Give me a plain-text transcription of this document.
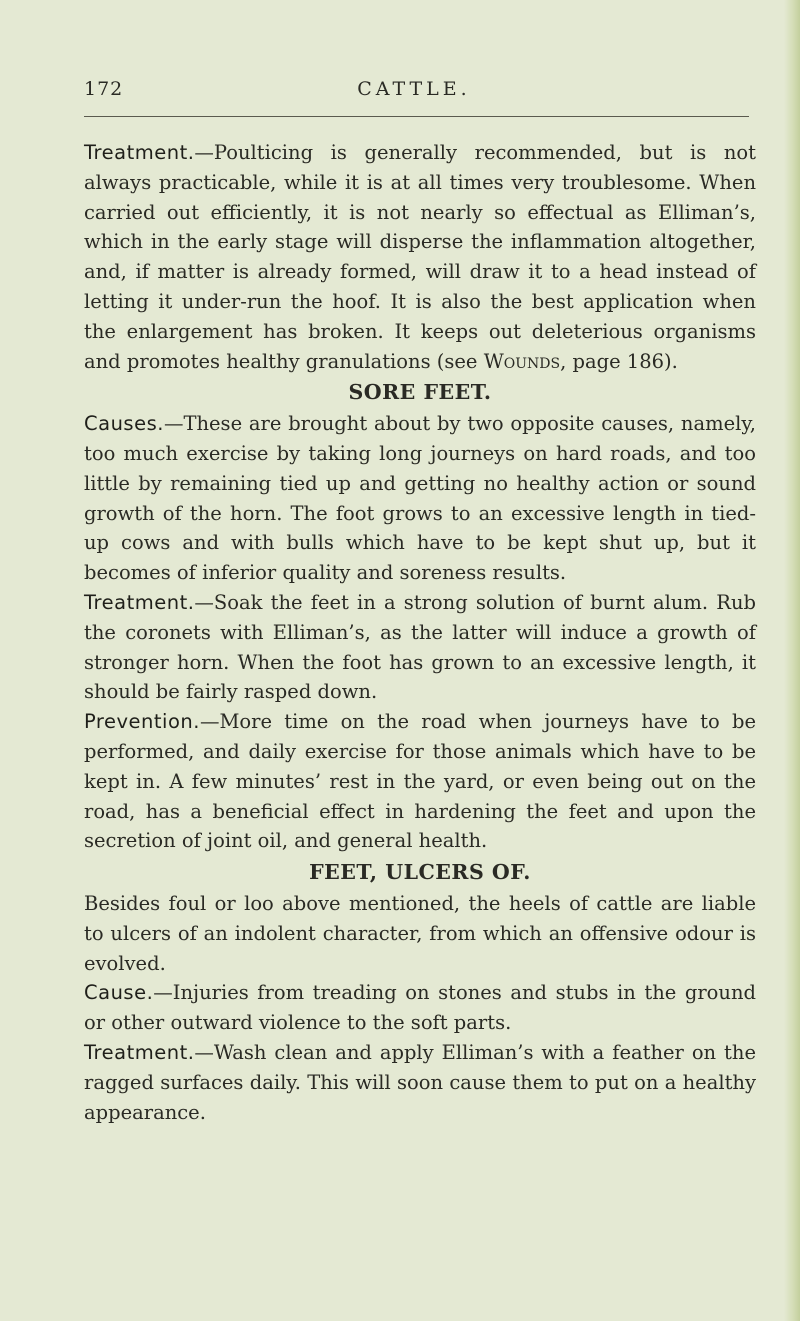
172	CATTLE.

Treatment.—Poulticing is generally recommended, but is not always practicable, while it is at all times very troublesome. When carried out efficiently, it is not nearly so effectual as Elliman’s, which in the early stage will disperse the inflammation altogether, and, if matter is already formed, will draw it to a head instead of letting it under-run the hoof. It is also the best application when the enlargement has broken. It keeps out deleterious organisms and promotes healthy granulations (see Wounds, page 186).

SORE FEET.

Causes.—These are brought about by two opposite causes, namely, too much exercise by taking long journeys on hard roads, and too little by remaining tied up and getting no healthy action or sound growth of the horn. The foot grows to an excessive length in tied-up cows and with bulls which have to be kept shut up, but it becomes of inferior quality and soreness results.

Treatment.—Soak the feet in a strong solution of burnt alum. Rub the coronets with Elliman’s, as the latter will induce a growth of stronger horn. When the foot has grown to an excessive length, it should be fairly rasped down.

Prevention.—More time on the road when journeys have to be performed, and daily exercise for those animals which have to be kept in. A few minutes’ rest in the yard, or even being out on the road, has a beneficial effect in hardening the feet and upon the secretion of joint oil, and general health.

FEET, ULCERS OF.

Besides foul or loo above mentioned, the heels of cattle are liable to ulcers of an indolent character, from which an offensive odour is evolved.

Cause.—Injuries from treading on stones and stubs in the ground or other outward violence to the soft parts.

Treatment.—Wash clean and apply Elliman’s with a feather on the ragged surfaces daily. This will soon cause them to put on a healthy appearance.
